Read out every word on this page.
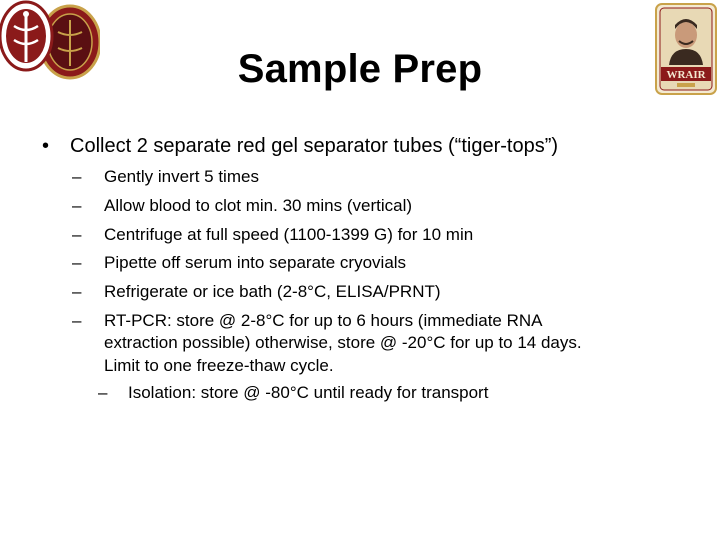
WRAIR
Sample Prep
• Collect 2 separate red gel separator tubes (“tiger-tops”)
– Gently invert 5 times
– Allow blood to clot min. 30 mins (vertical)
– Centrifuge at full speed (1100-1399 G) for 10 min
– Pipette off serum into separate cryovials
– Refrigerate or ice bath (2-8°C, ELISA/PRNT)
– RT-PCR: store @ 2-8°C for up to 6 hours (immediate RNA
extraction possible) otherwise, store @ -20°C for up to 14 days.
Limit to one freeze-thaw cycle.
– Isolation: store @ -80°C until ready for transport
